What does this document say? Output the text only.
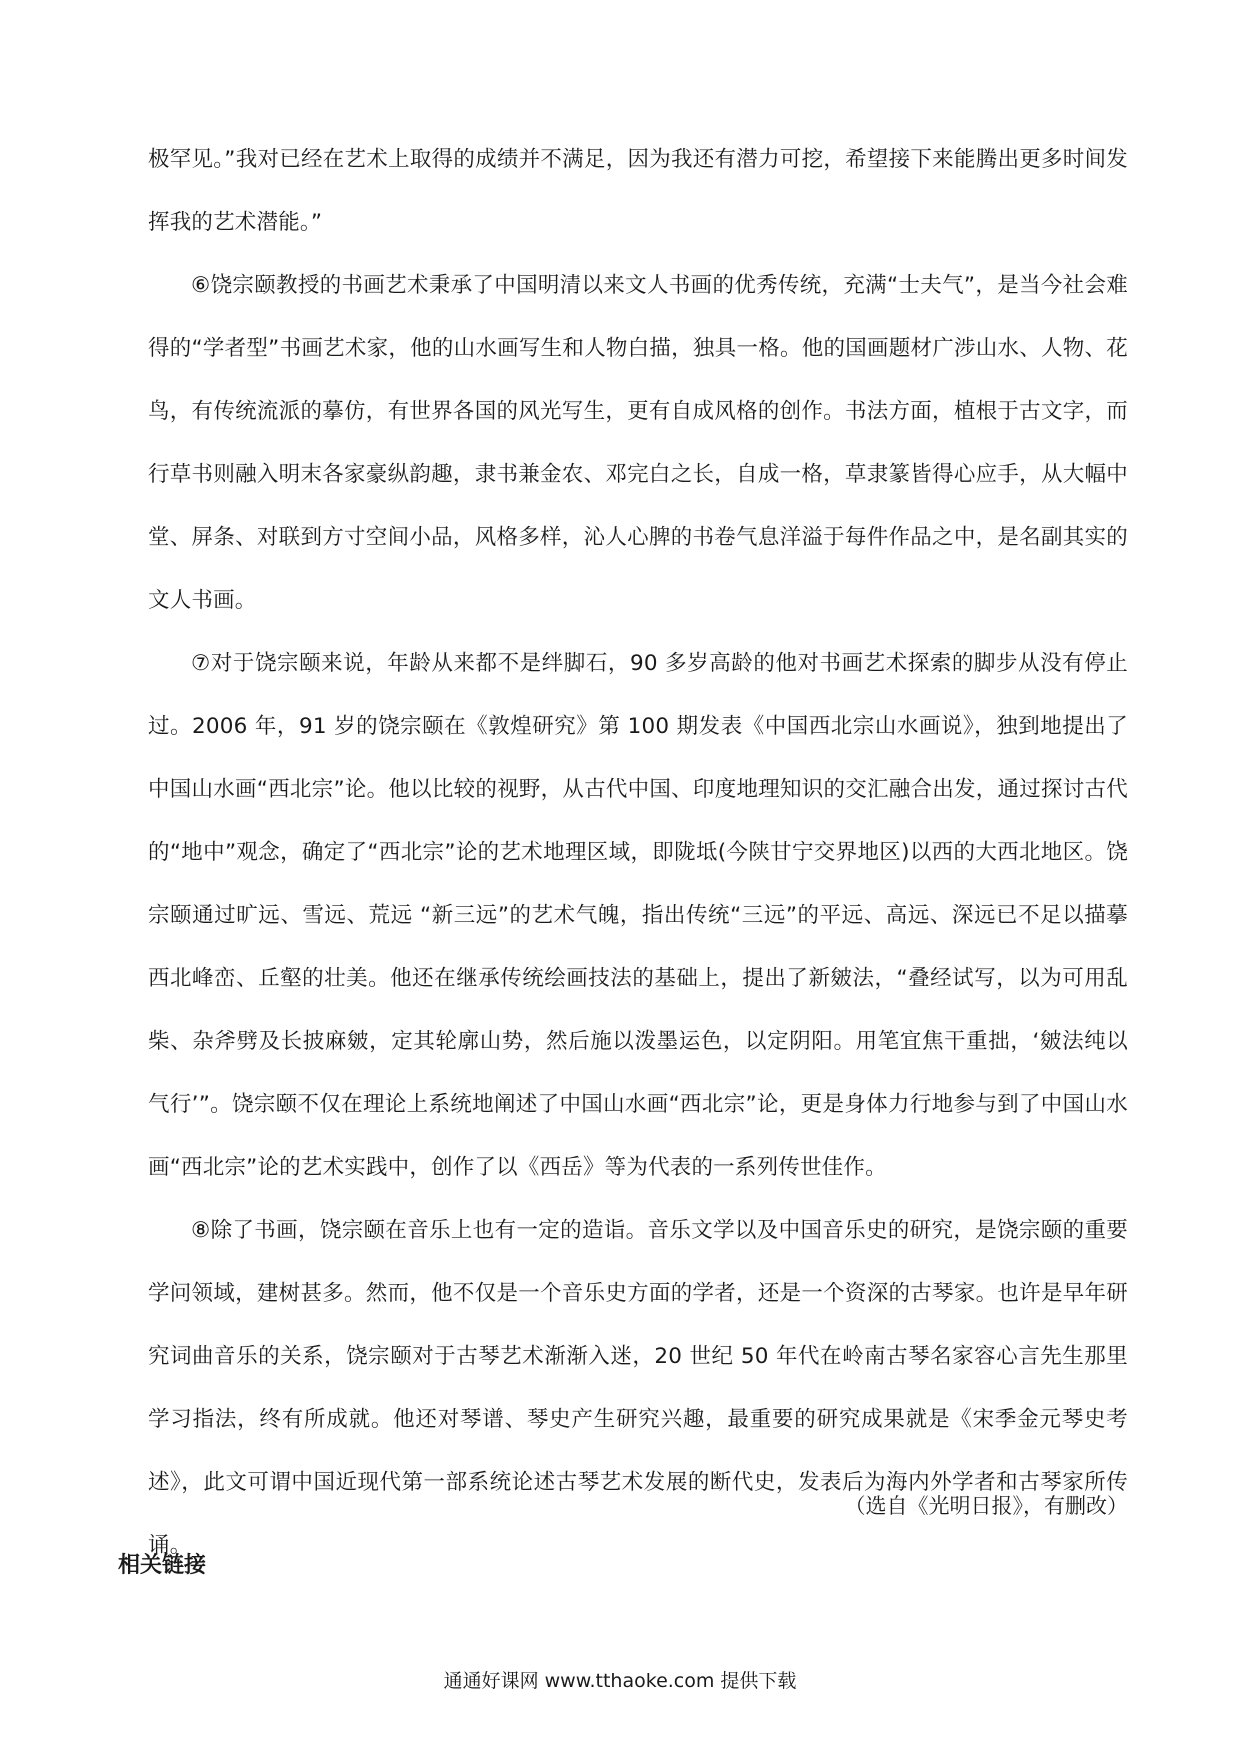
极罕见。”我对已经在艺术上取得的成绩并不满足，因为我还有潜力可挖，希望接下来能腾出更多时间发挥我的艺术潜能。”

⑥饶宗颐教授的书画艺术秉承了中国明清以来文人书画的优秀传统，充满“士夫气”，是当今社会难得的“学者型”书画艺术家，他的山水画写生和人物白描，独具一格。他的国画题材广涉山水、人物、花鸟，有传统流派的摹仿，有世界各国的风光写生，更有自成风格的创作。书法方面，植根于古文字，而行草书则融入明末各家豪纵韵趣，隶书兼金农、邓完白之长，自成一格，草隶篆皆得心应手，从大幅中堂、屏条、对联到方寸空间小品，风格多样，沁人心脾的书卷气息洋溢于每件作品之中，是名副其实的文人书画。

⑦对于饶宗颐来说，年龄从来都不是绊脚石，90 多岁高龄的他对书画艺术探索的脚步从没有停止过。2006 年，91 岁的饶宗颐在《敦煌研究》第 100 期发表《中国西北宗山水画说》，独到地提出了中国山水画“西北宗”论。他以比较的视野，从古代中国、印度地理知识的交汇融合出发，通过探讨古代的“地中”观念，确定了“西北宗”论的艺术地理区域，即陇坻(今陕甘宁交界地区)以西的大西北地区。饶宗颐通过旷远、雪远、荒远 “新三远”的艺术气魄，指出传统“三远”的平远、高远、深远已不足以描摹西北峰峦、丘壑的壮美。他还在继承传统绘画技法的基础上，提出了新皴法，“叠经试写，以为可用乱柴、杂斧劈及长披麻皴，定其轮廓山势，然后施以泼墨运色，以定阴阳。用笔宜焦干重拙，‘皴法纯以气行’”。饶宗颐不仅在理论上系统地阐述了中国山水画“西北宗”论，更是身体力行地参与到了中国山水画“西北宗”论的艺术实践中，创作了以《西岳》等为代表的一系列传世佳作。

⑧除了书画，饶宗颐在音乐上也有一定的造诣。音乐文学以及中国音乐史的研究，是饶宗颐的重要学问领域，建树甚多。然而，他不仅是一个音乐史方面的学者，还是一个资深的古琴家。也许是早年研究词曲音乐的关系，饶宗颐对于古琴艺术渐渐入迷，20 世纪 50 年代在岭南古琴名家容心言先生那里学习指法，终有所成就。他还对琴谱、琴史产生研究兴趣，最重要的研究成果就是《宋季金元琴史考述》，此文可谓中国近现代第一部系统论述古琴艺术发展的断代史，发表后为海内外学者和古琴家所传诵。

（选自《光明日报》，有删改）
相关链接
通通好课网 www.tthaoke.com 提供下载
